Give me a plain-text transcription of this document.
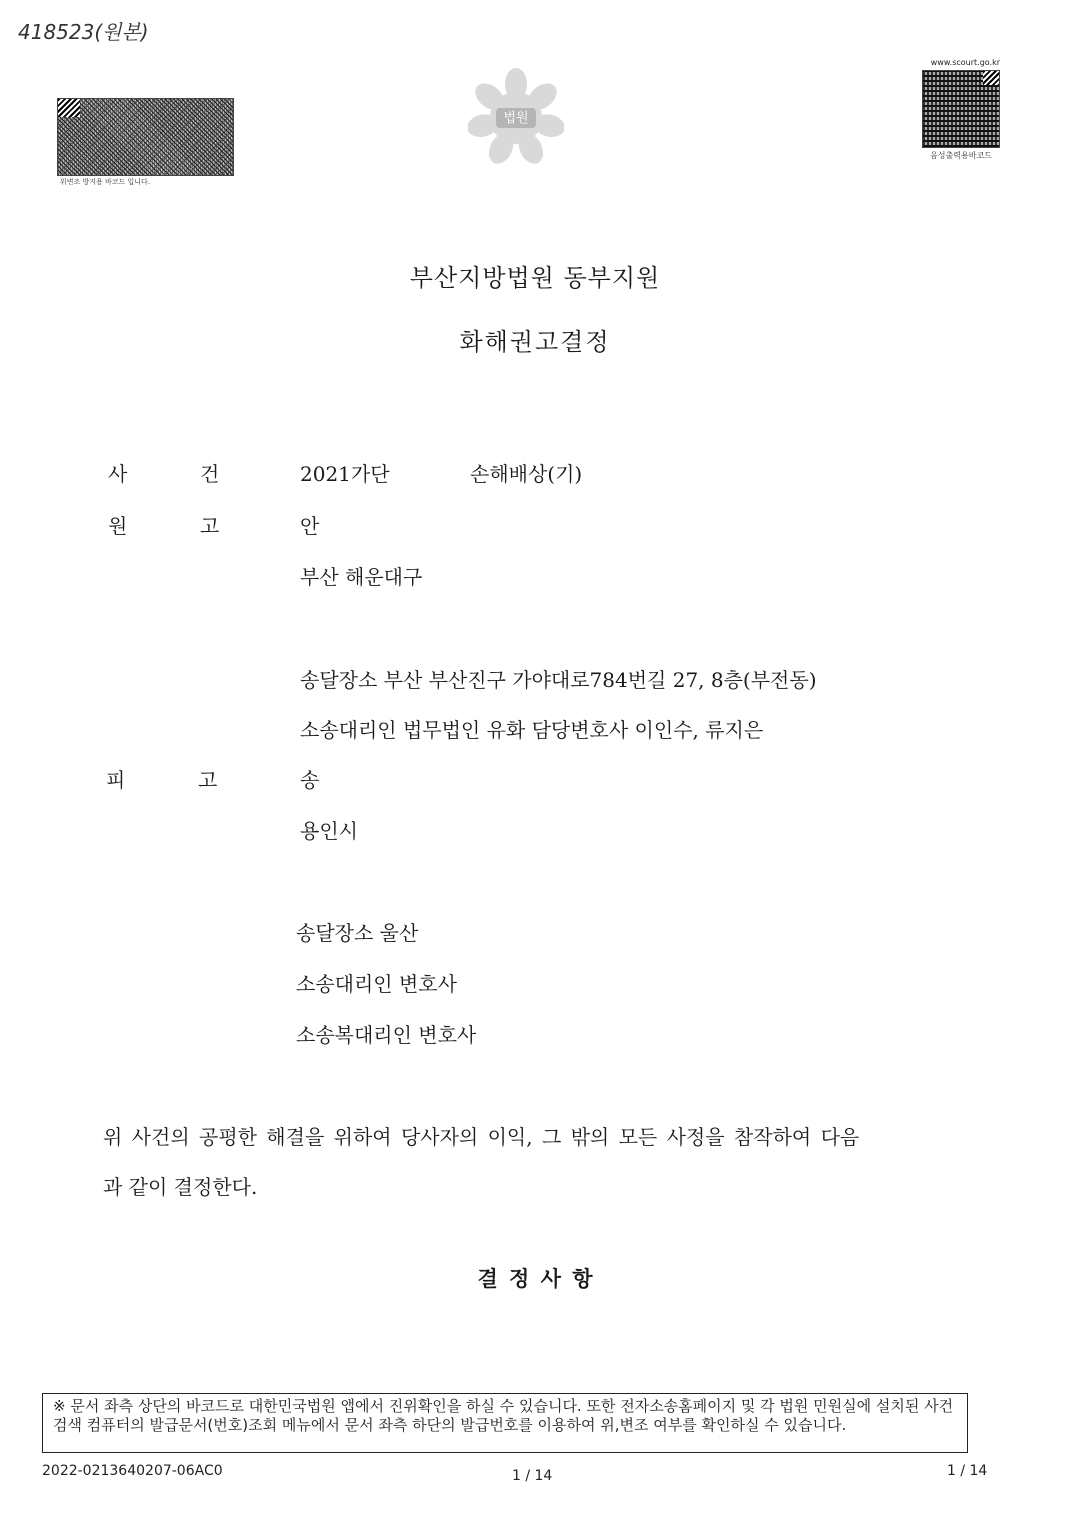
418523(원본)
위변조 방지용 바코드 입니다.
법원
www.scourt.go.kr
음성출력용바코드
부산지방법원 동부지원
화해권고결정
사	건	2021가단	손해배상(기)
원	고	안
부산 해운대구
송달장소 부산 부산진구 가야대로784번길 27, 8층(부전동)
소송대리인 법무법인 유화 담당변호사 이인수, 류지은
피	고	송
용인시
송달장소 울산
소송대리인 변호사
소송복대리인 변호사
위 사건의 공평한 해결을 위하여 당사자의 이익, 그 밖의 모든 사정을 참작하여 다음
과 같이 결정한다.
결 정 사 항
※ 문서 좌측 상단의 바코드로 대한민국법원 앱에서 진위확인을 하실 수 있습니다. 또한 전자소송홈페이지 및 각 법원 민원실에 설치된 사건검색 컴퓨터의 발급문서(번호)조회 메뉴에서 문서 좌측 하단의 발급번호를 이용하여 위,변조 여부를 확인하실 수 있습니다.
2022-0213640207-06AC0	1 / 14	1 / 14
